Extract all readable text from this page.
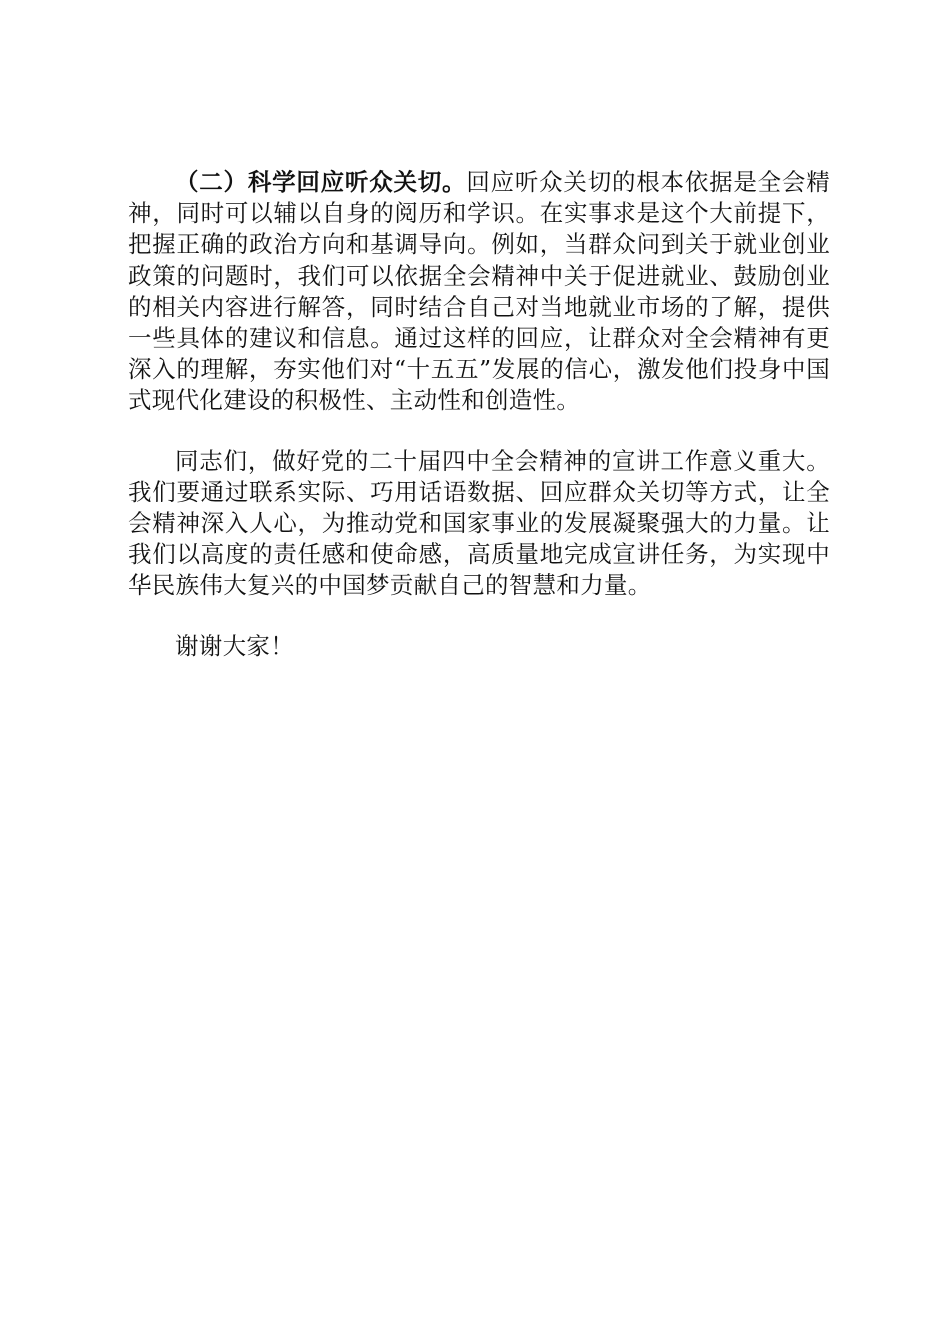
（二）科学回应听众关切。回应听众关切的根本依据是全会精神，同时可以辅以自身的阅历和学识。在实事求是这个大前提下，把握正确的政治方向和基调导向。例如，当群众问到关于就业创业政策的问题时，我们可以依据全会精神中关于促进就业、鼓励创业的相关内容进行解答，同时结合自己对当地就业市场的了解，提供一些具体的建议和信息。通过这样的回应，让群众对全会精神有更深入的理解，夯实他们对“十五五”发展的信心，激发他们投身中国式现代化建设的积极性、主动性和创造性。

同志们，做好党的二十届四中全会精神的宣讲工作意义重大。我们要通过联系实际、巧用话语数据、回应群众关切等方式，让全会精神深入人心，为推动党和国家事业的发展凝聚强大的力量。让我们以高度的责任感和使命感，高质量地完成宣讲任务，为实现中华民族伟大复兴的中国梦贡献自己的智慧和力量。

谢谢大家！
